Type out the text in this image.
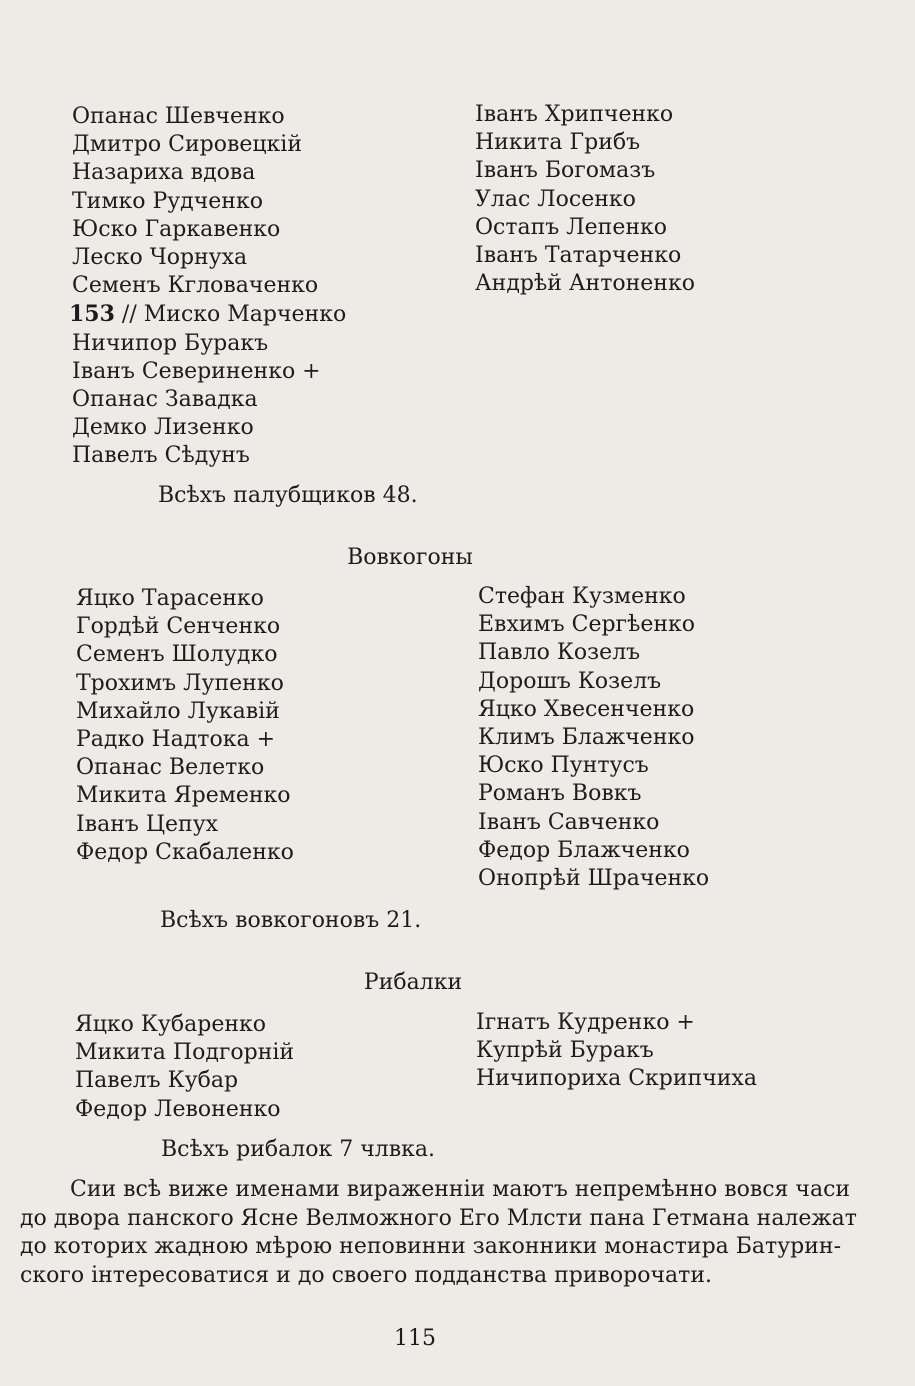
Опанас Шевченко
Дмитро Сировецкiй
Назариха вдова
Тимко Рудченко
Юско Гаркавенко
Леско Чорнуха
Семенъ Кгловаченко
153 // Миско Марченко
Ничипор Буракъ
Iванъ Севериненко +
Опанас Завадка
Демко Лизенко
Павелъ Сѣдунъ
Iванъ Хрипченко
Никита Грибъ
Iванъ Богомазъ
Улас Лосенко
Остапъ Лепенко
Iванъ Татарченко
Андрѣй Антоненко

Всѣхъ палубщиков 48.

Вовкогоны

Яцко Тарасенко
Гордѣй Сенченко
Семенъ Шолудко
Трохимъ Лупенко
Михайло Лукавiй
Радко Надтока +
Опанас Велетко
Микита Яременко
Iванъ Цепух
Федор Скабаленко
Стефан Кузменко
Евхимъ Сергѣенко
Павло Козелъ
Дорошъ Козелъ
Яцко Хвесенченко
Климъ Блажченко
Юско Пунтусъ
Романъ Вовкъ
Iванъ Савченко
Федор Блажченко
Онопрѣй Шраченко

Всѣхъ вовкогоновъ 21.

Рибалки

Яцко Кубаренко
Микита Подгорнiй
Павелъ Кубар
Федор Левоненко
Iгнатъ Кудренко +
Купрѣй Буракъ
Ничипориха Скрипчиха

Всѣхъ рибалок 7 члвка.

Сии всѣ виже именами вираженнiи маютъ непремѣнно вовся часи
до двора панского Ясне Велможного Его Млсти пана Гетмана належат
до которих жадною мѣрою неповинни законники монастира Батурин-
ского iнтересоватися и до своего подданства приворочати.
115
